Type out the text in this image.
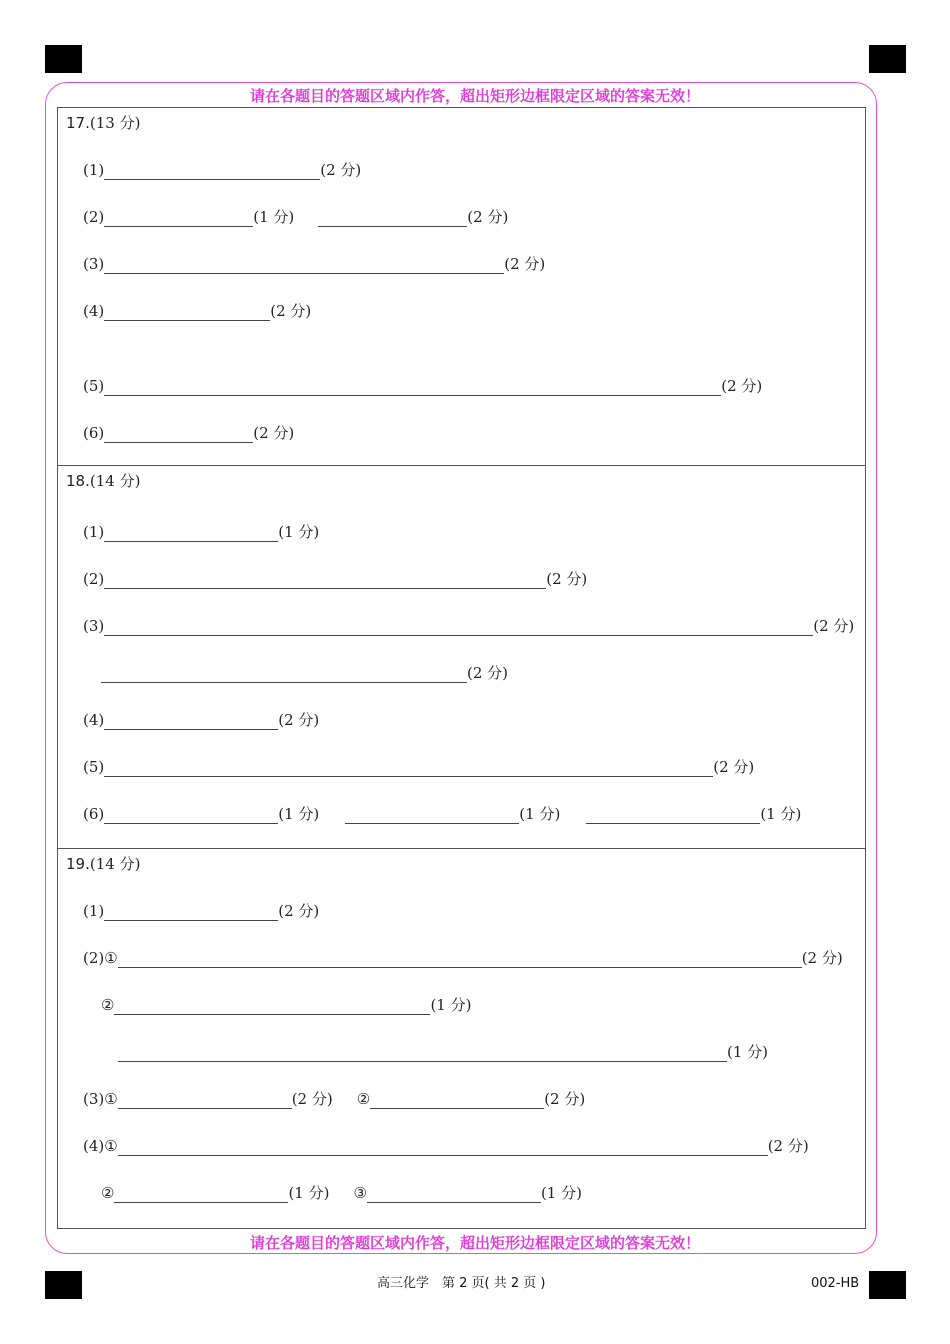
请在各题目的答题区域内作答，超出矩形边框限定区域的答案无效！
请在各题目的答题区域内作答，超出矩形边框限定区域的答案无效！
17.(13 分)
(1)	(2 分)
(2)	(1 分)	(2 分)
(3)	(2 分)
(4)	(2 分)
(5)	(2 分)
(6)	(2 分)
18.(14 分)
(1)	(1 分)
(2)	(2 分)
(3)	(2 分)
(2 分)
(4)	(2 分)
(5)	(2 分)
(6)	(1 分)	(1 分)	(1 分)
19.(14 分)
(1)	(2 分)
(2)①	(2 分)
②	(1 分)
(1 分)
(3)①	(2 分) ②	(2 分)
(4)①	(2 分)
②	(1 分) ③	(1 分)
高三化学　第 2 页( 共 2 页 )	002-HB
